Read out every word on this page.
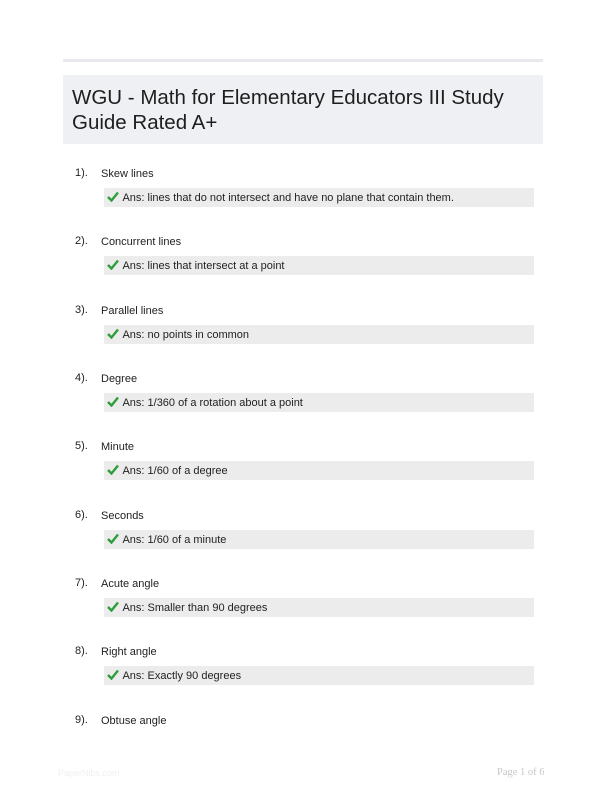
WGU - Math for Elementary Educators III Study Guide Rated A+
1). Skew lines
Ans: lines that do not intersect and have no plane that contain them.
2). Concurrent lines
Ans: lines that intersect at a point
3). Parallel lines
Ans: no points in common
4). Degree
Ans: 1/360 of a rotation about a point
5). Minute
Ans: 1/60 of a degree
6). Seconds
Ans: 1/60 of a minute
7). Acute angle
Ans: Smaller than 90 degrees
8). Right angle
Ans: Exactly 90 degrees
9). Obtuse angle
PaperNibs.com	Page 1 of 6
